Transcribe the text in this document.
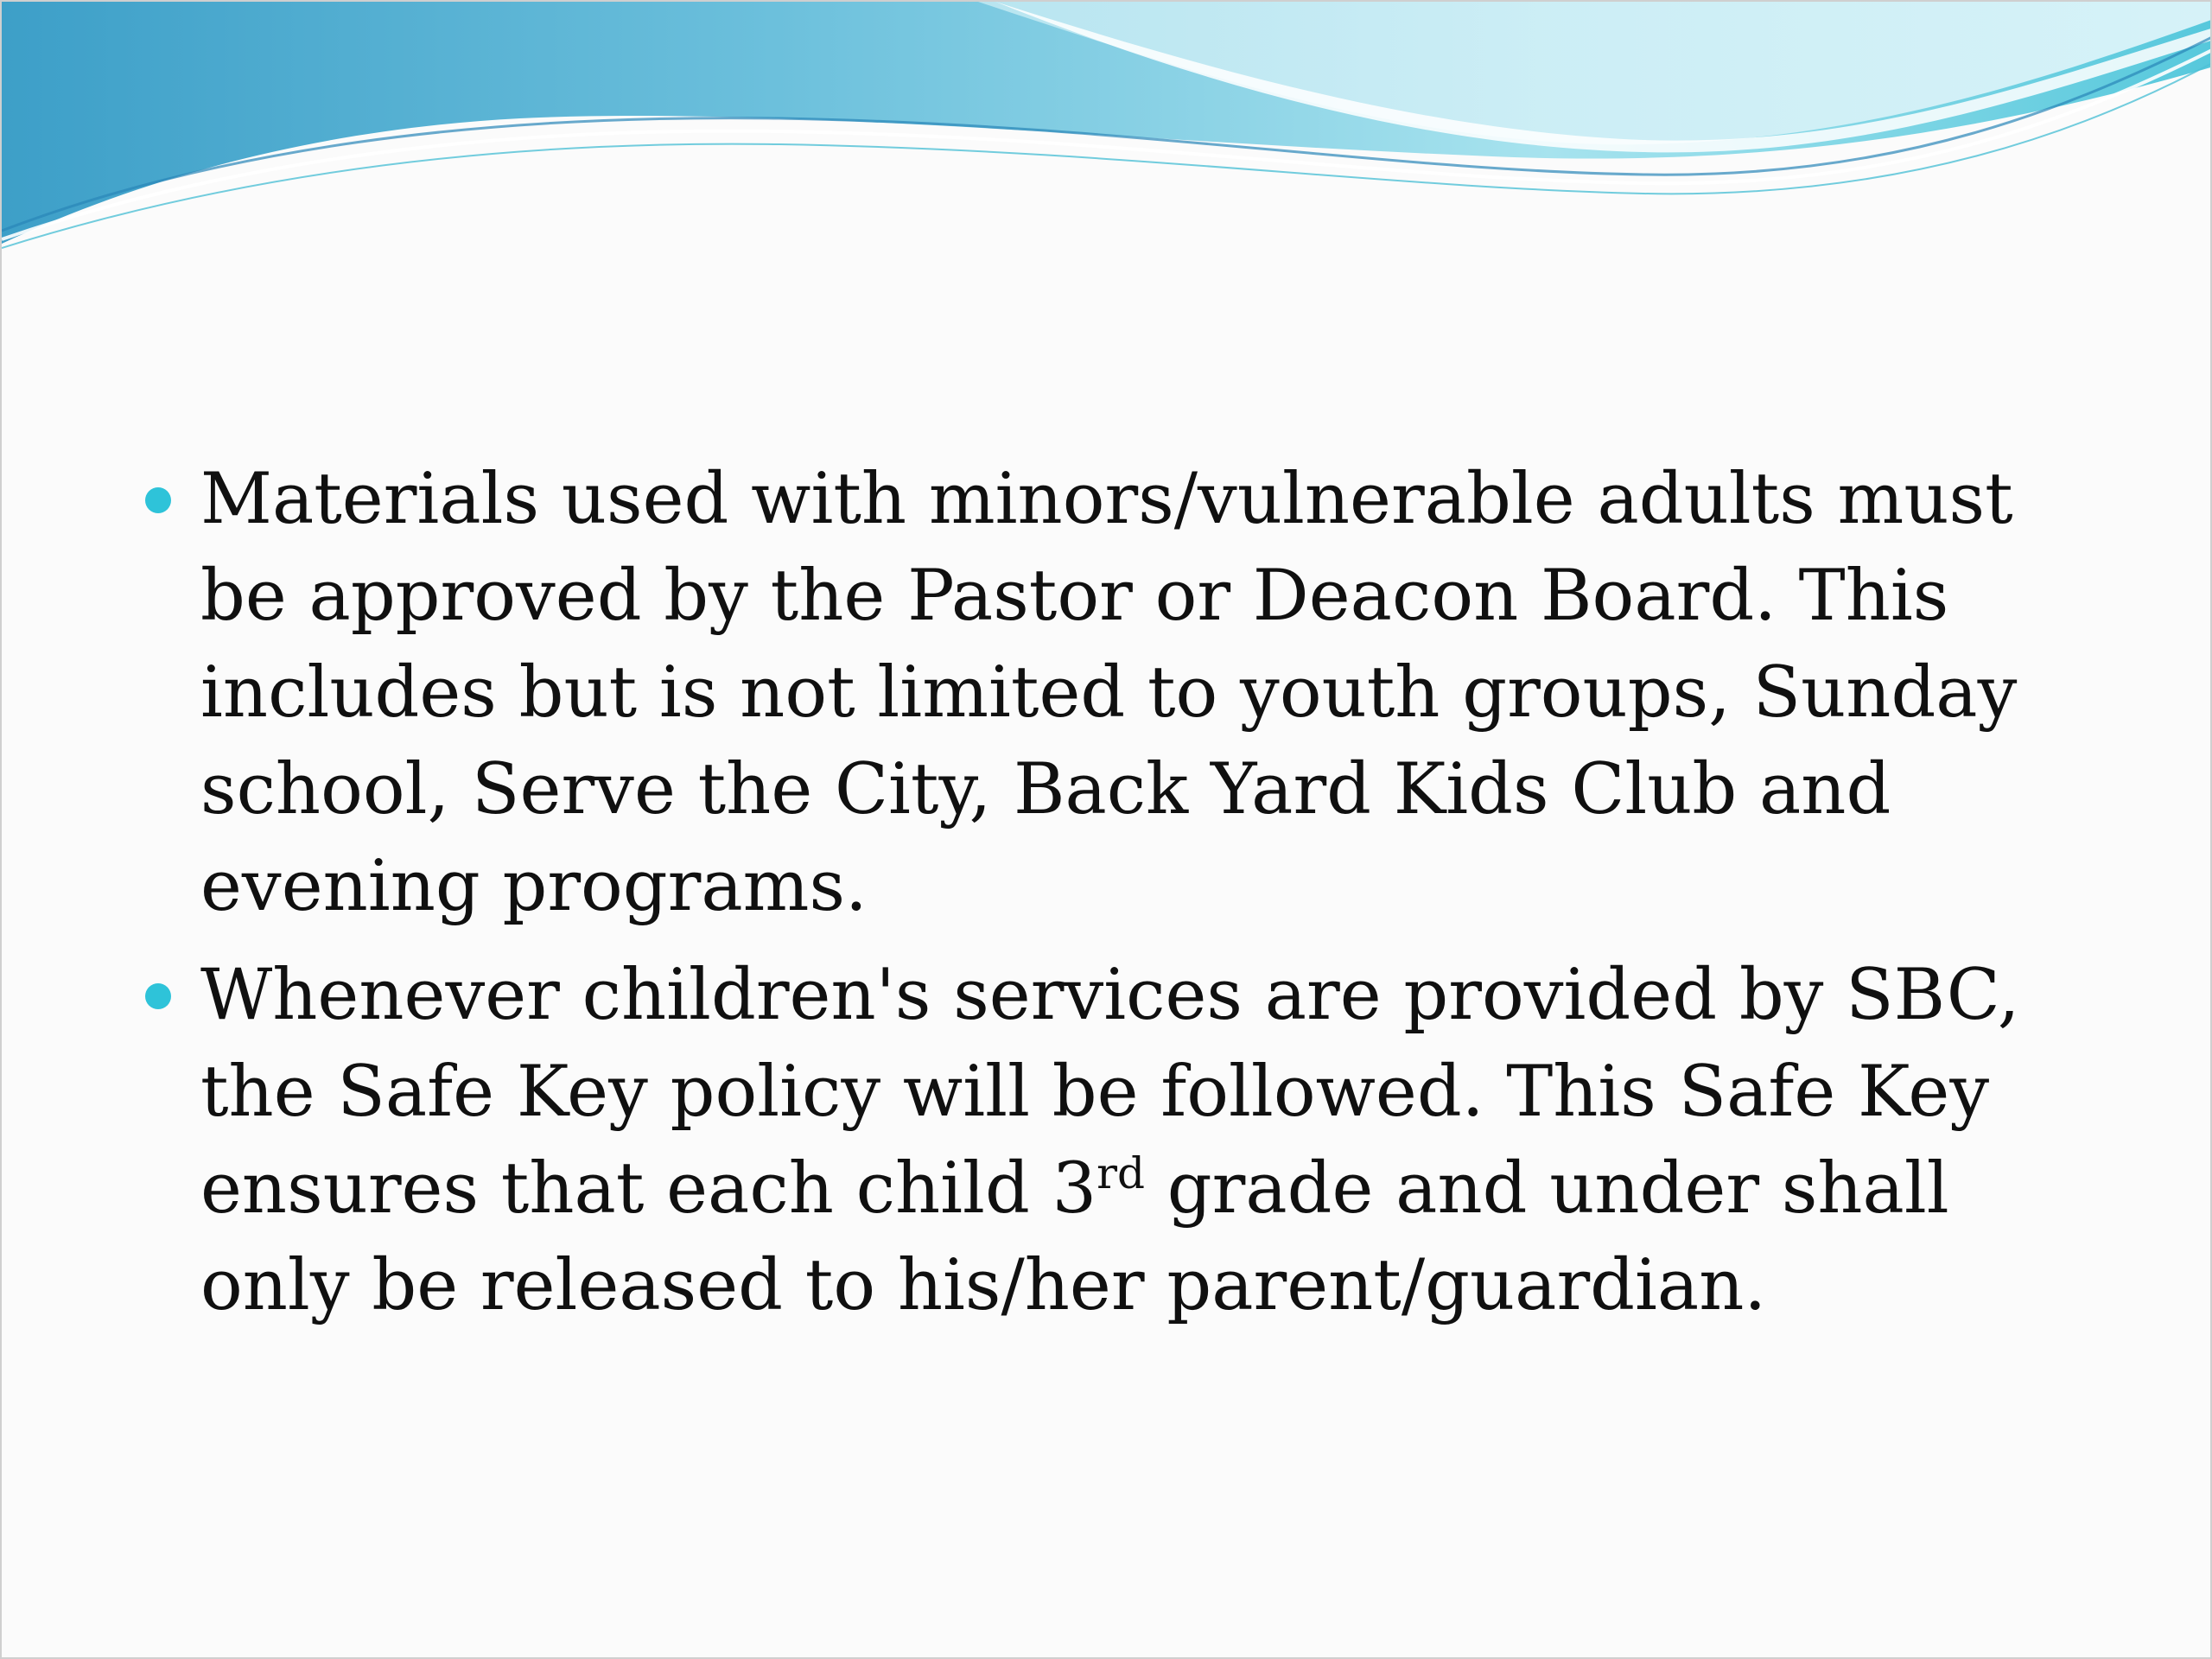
Materials used with minors/vulnerable adults must be approved by the Pastor or Deacon Board. This includes but is not limited to youth groups, Sunday school, Serve the City, Back Yard Kids Club and evening programs.
Whenever children's services are provided by SBC, the Safe Key policy will be followed. This Safe Key ensures that each child 3rd grade and under shall only be released to his/her parent/guardian.
